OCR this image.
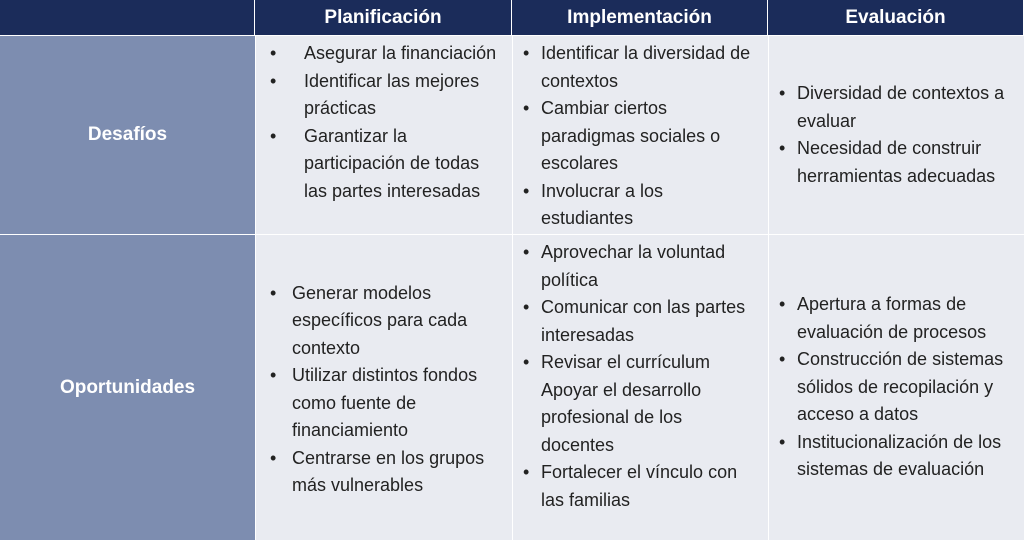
Planificación	Implementación	Evaluación
Desafíos
• Asegurar la financiación
• Identificar las mejores prácticas
• Garantizar la participación de todas las partes interesadas
• Identificar la diversidad de contextos
• Cambiar ciertos paradigmas sociales o escolares
• Involucrar a los estudiantes
• Diversidad de contextos a evaluar
• Necesidad de construir herramientas adecuadas
Oportunidades
• Generar modelos específicos para cada contexto
• Utilizar distintos fondos como fuente de financiamiento
• Centrarse en los grupos más vulnerables
• Aprovechar la voluntad política
• Comunicar con las partes interesadas
• Revisar el currículum Apoyar el desarrollo profesional de los docentes
• Fortalecer el vínculo con las familias
• Apertura a formas de evaluación de procesos
• Construcción de sistemas sólidos de recopilación y acceso a datos
• Institucionalización de los sistemas de evaluación
